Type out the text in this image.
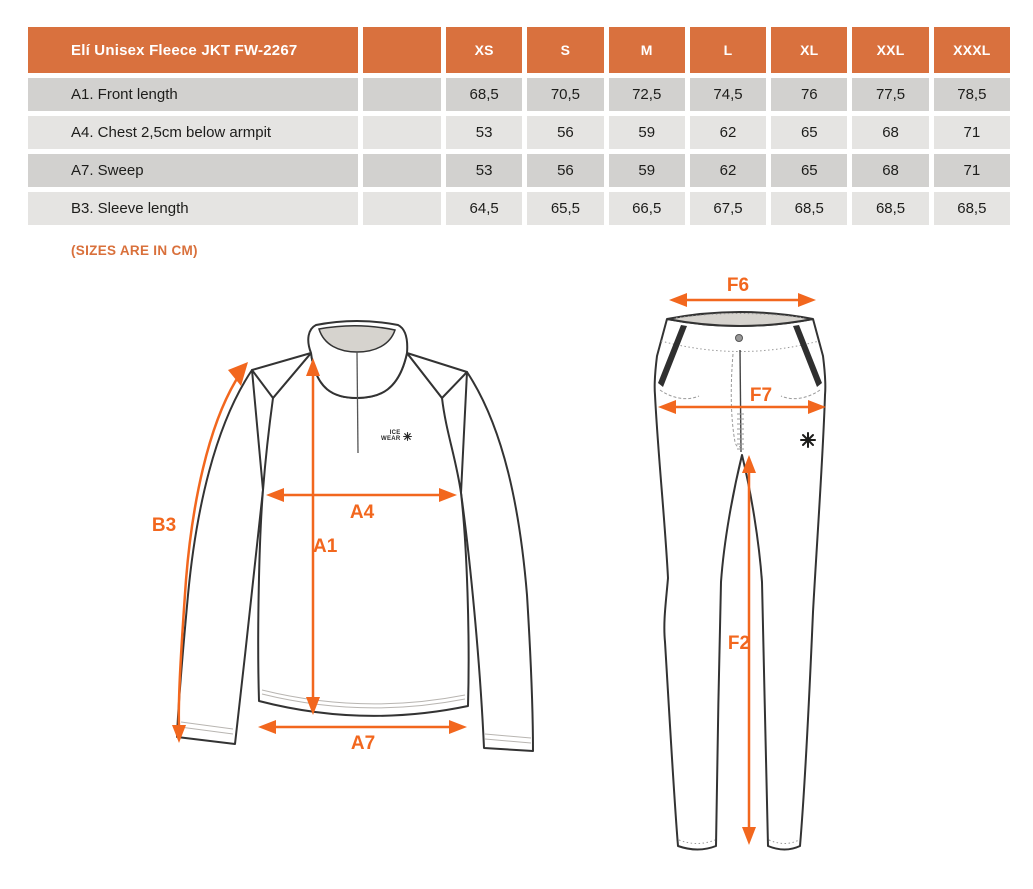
Elí Unisex Fleece JKT FW-2267	XS	S	M	L	XL	XXL	XXXL
A1. Front length	68,5	70,5	72,5	74,5	76	77,5	78,5
A4. Chest 2,5cm below armpit	53	56	59	62	65	68	71
A7. Sweep	53	56	59	62	65	68	71
B3. Sleeve length	64,5	65,5	66,5	67,5	68,5	68,5	68,5
(SIZES ARE IN CM)
ICE
WEAR
B3
A4
A1
A7
F6
F7
F2
